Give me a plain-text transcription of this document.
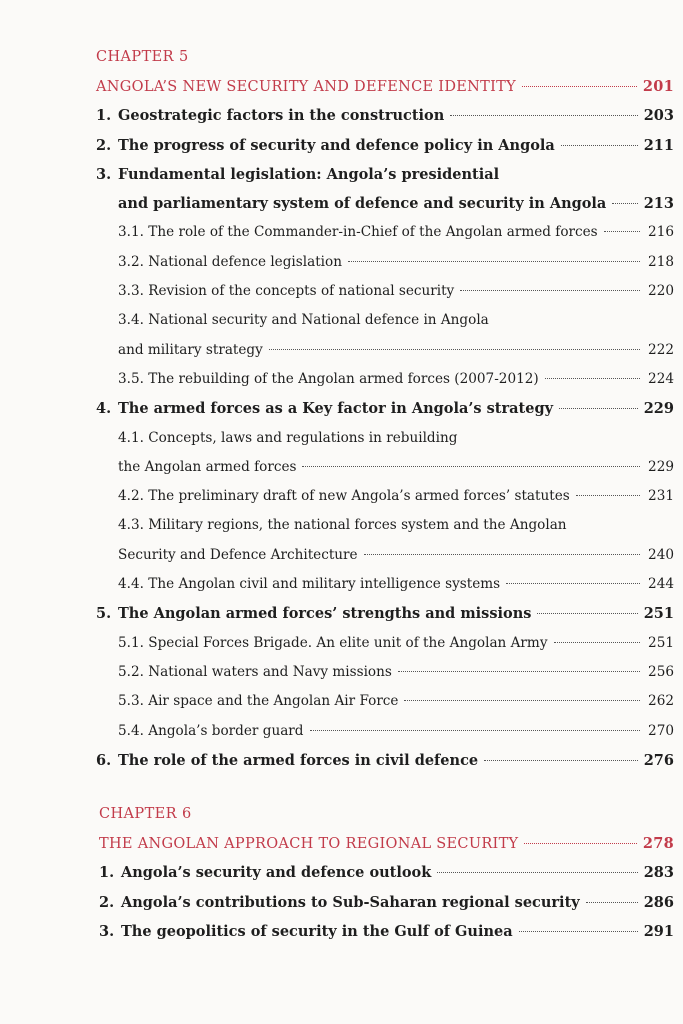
CHAPTER 5
ANGOLA’S NEW SECURITY AND DEFENCE IDENTITY	201
1. Geostrategic factors in the construction	203
2. The progress of security and defence policy in Angola	211
3. Fundamental legislation: Angola’s presidential
and parliamentary system of defence and security in Angola	213
3.1. The role of the Commander-in-Chief of the Angolan armed forces	216
3.2. National defence legislation	218
3.3. Revision of the concepts of national security	220
3.4. National security and National defence in Angola
and military strategy	222
3.5. The rebuilding of the Angolan armed forces (2007-2012)	224
4. The armed forces as a Key factor in Angola’s strategy	229
4.1. Concepts, laws and regulations in rebuilding
the Angolan armed forces	229
4.2. The preliminary draft of new Angola’s armed forces’ statutes	231
4.3. Military regions, the national forces system and the Angolan
Security and Defence Architecture	240
4.4. The Angolan civil and military intelligence systems	244
5. The Angolan armed forces’ strengths and missions	251
5.1. Special Forces Brigade. An elite unit of the Angolan Army	251
5.2. National waters and Navy missions	256
5.3. Air space and the Angolan Air Force	262
5.4. Angola’s border guard	270
6. The role of the armed forces in civil defence	276
CHAPTER 6
THE ANGOLAN APPROACH TO REGIONAL SECURITY	278
1. Angola’s security and defence outlook	283
2. Angola’s contributions to Sub-Saharan regional security	286
3. The geopolitics of security in the Gulf of Guinea	291
